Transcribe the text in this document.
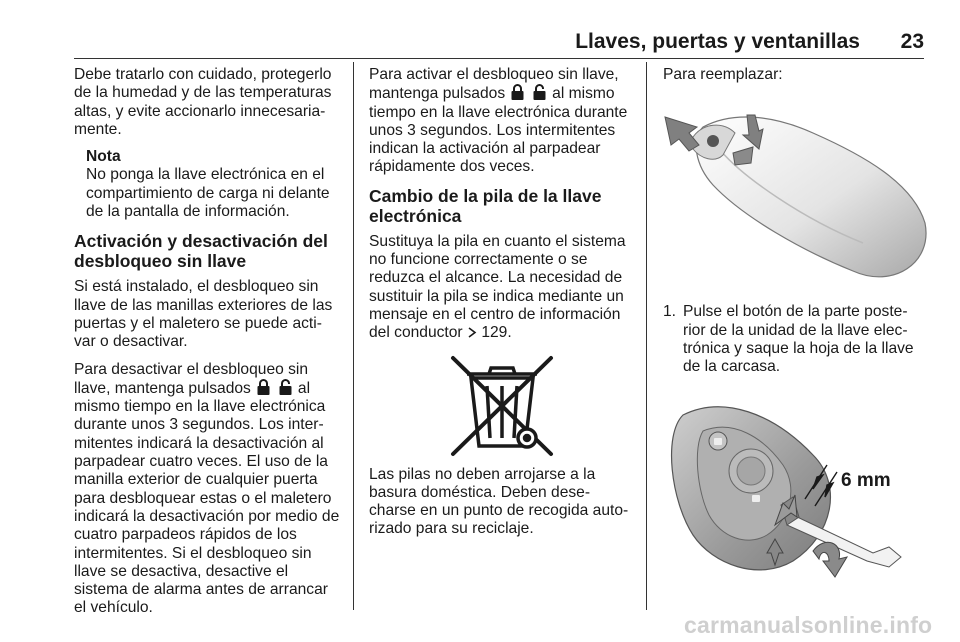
Llaves, puertas y ventanillas 23

Debe tratarlo con cuidado, protegerlo de la humedad y de las temperaturas altas, y evite accionarlo innecesaria-mente.

Nota
No ponga la llave electrónica en el compartimiento de carga ni delante de la pantalla de información.
Activación y desactivación del desbloqueo sin llave

Si está instalado, el desbloqueo sin llave de las manillas exteriores de las puertas y el maletero se puede acti-var o desactivar.

Para desactivar el desbloqueo sin llave, mantenga pulsados
	al mismo tiempo en la llave electrónica durante unos 3 segundos. Los inter-mitentes indicará la desactivación al parpadear cuatro veces. El uso de la manilla exterior de cualquier puerta para desbloquear estas o el maletero indicará la desactivación por medio de cuatro parpadeos rápidos de los intermitentes. Si el desbloqueo sin llave se desactiva, desactive el sistema de alarma antes de arrancar el vehículo.

Para activar el desbloqueo sin llave, mantenga pulsados
	al mismo tiempo en la llave electrónica durante unos 3 segundos. Los intermitentes indican la activación al parpadear rápidamente dos veces.

Cambio de la pila de la llave electrónica

Sustituya la pila en cuanto el sistema no funcione correctamente o se reduzca el alcance. La necesidad de sustituir la pila se indica mediante un mensaje en el centro de información del conductor 129.

Las pilas no deben arrojarse a la basura doméstica. Deben dese-charse en un punto de recogida auto-rizado para su reciclaje.

Para reemplazar:

1. Pulse el botón de la parte poste-rior de la unidad de la llave elec-trónica y saque la hoja de la llave de la carcasa.
6 mm
carmanualsonline.info
